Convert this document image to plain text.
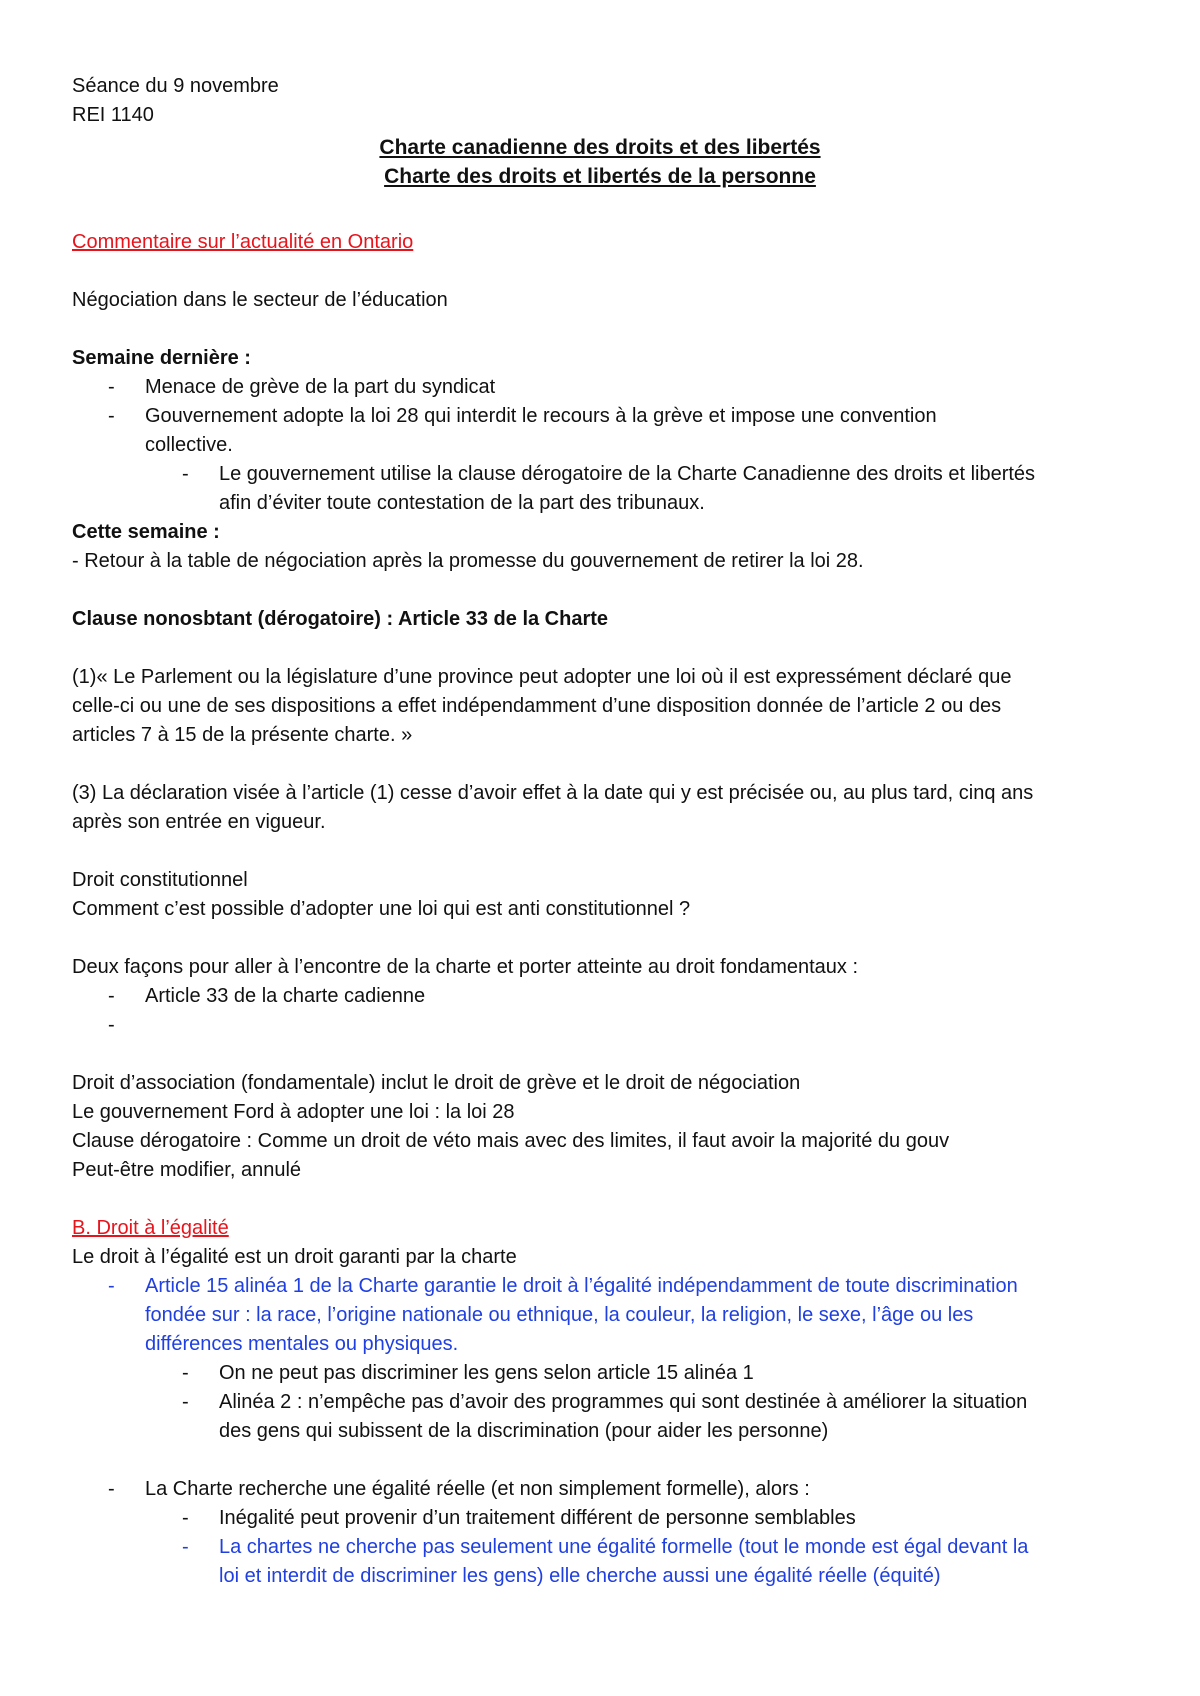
Séance du 9 novembre
REI 1140
Charte canadienne des droits et des libertés
Charte des droits et libertés de la personne
Commentaire sur l’actualité en Ontario
Négociation dans le secteur de l’éducation
Semaine dernière :
- Menace de grève de la part du syndicat
- Gouvernement adopte la loi 28 qui interdit le recours à la grève et impose une convention
collective.
- Le gouvernement utilise la clause dérogatoire de la Charte Canadienne des droits et libertés
afin d’éviter toute contestation de la part des tribunaux.
Cette semaine :
- Retour à la table de négociation après la promesse du gouvernement de retirer la loi 28.
Clause nonosbtant (dérogatoire) : Article 33 de la Charte
(1)« Le Parlement ou la législature d’une province peut adopter une loi où il est expressément déclaré que
celle-ci ou une de ses dispositions a effet indépendamment d’une disposition donnée de l’article 2 ou des
articles 7 à 15 de la présente charte. »
(3) La déclaration visée à l’article (1) cesse d’avoir effet à la date qui y est précisée ou, au plus tard, cinq ans
après son entrée en vigueur.
Droit constitutionnel
Comment c’est possible d’adopter une loi qui est anti constitutionnel ?
Deux façons pour aller à l’encontre de la charte et porter atteinte au droit fondamentaux :
- Article 33 de la charte cadienne
-
Droit d’association (fondamentale) inclut le droit de grève et le droit de négociation
Le gouvernement Ford à adopter une loi : la loi 28
Clause dérogatoire : Comme un droit de véto mais avec des limites, il faut avoir la majorité du gouv
Peut-être modifier, annulé
B. Droit à l’égalité
Le droit à l’égalité est un droit garanti par la charte
- Article 15 alinéa 1 de la Charte garantie le droit à l’égalité indépendamment de toute discrimination
fondée sur : la race, l’origine nationale ou ethnique, la couleur, la religion, le sexe, l’âge ou les
différences mentales ou physiques.
- On ne peut pas discriminer les gens selon article 15 alinéa 1
- Alinéa 2 : n’empêche pas d’avoir des programmes qui sont destinée à améliorer la situation
des gens qui subissent de la discrimination (pour aider les personne)
- La Charte recherche une égalité réelle (et non simplement formelle), alors :
- Inégalité peut provenir d’un traitement différent de personne semblables
- La chartes ne cherche pas seulement une égalité formelle (tout le monde est égal devant la
loi et interdit de discriminer les gens) elle cherche aussi une égalité réelle (équité)
